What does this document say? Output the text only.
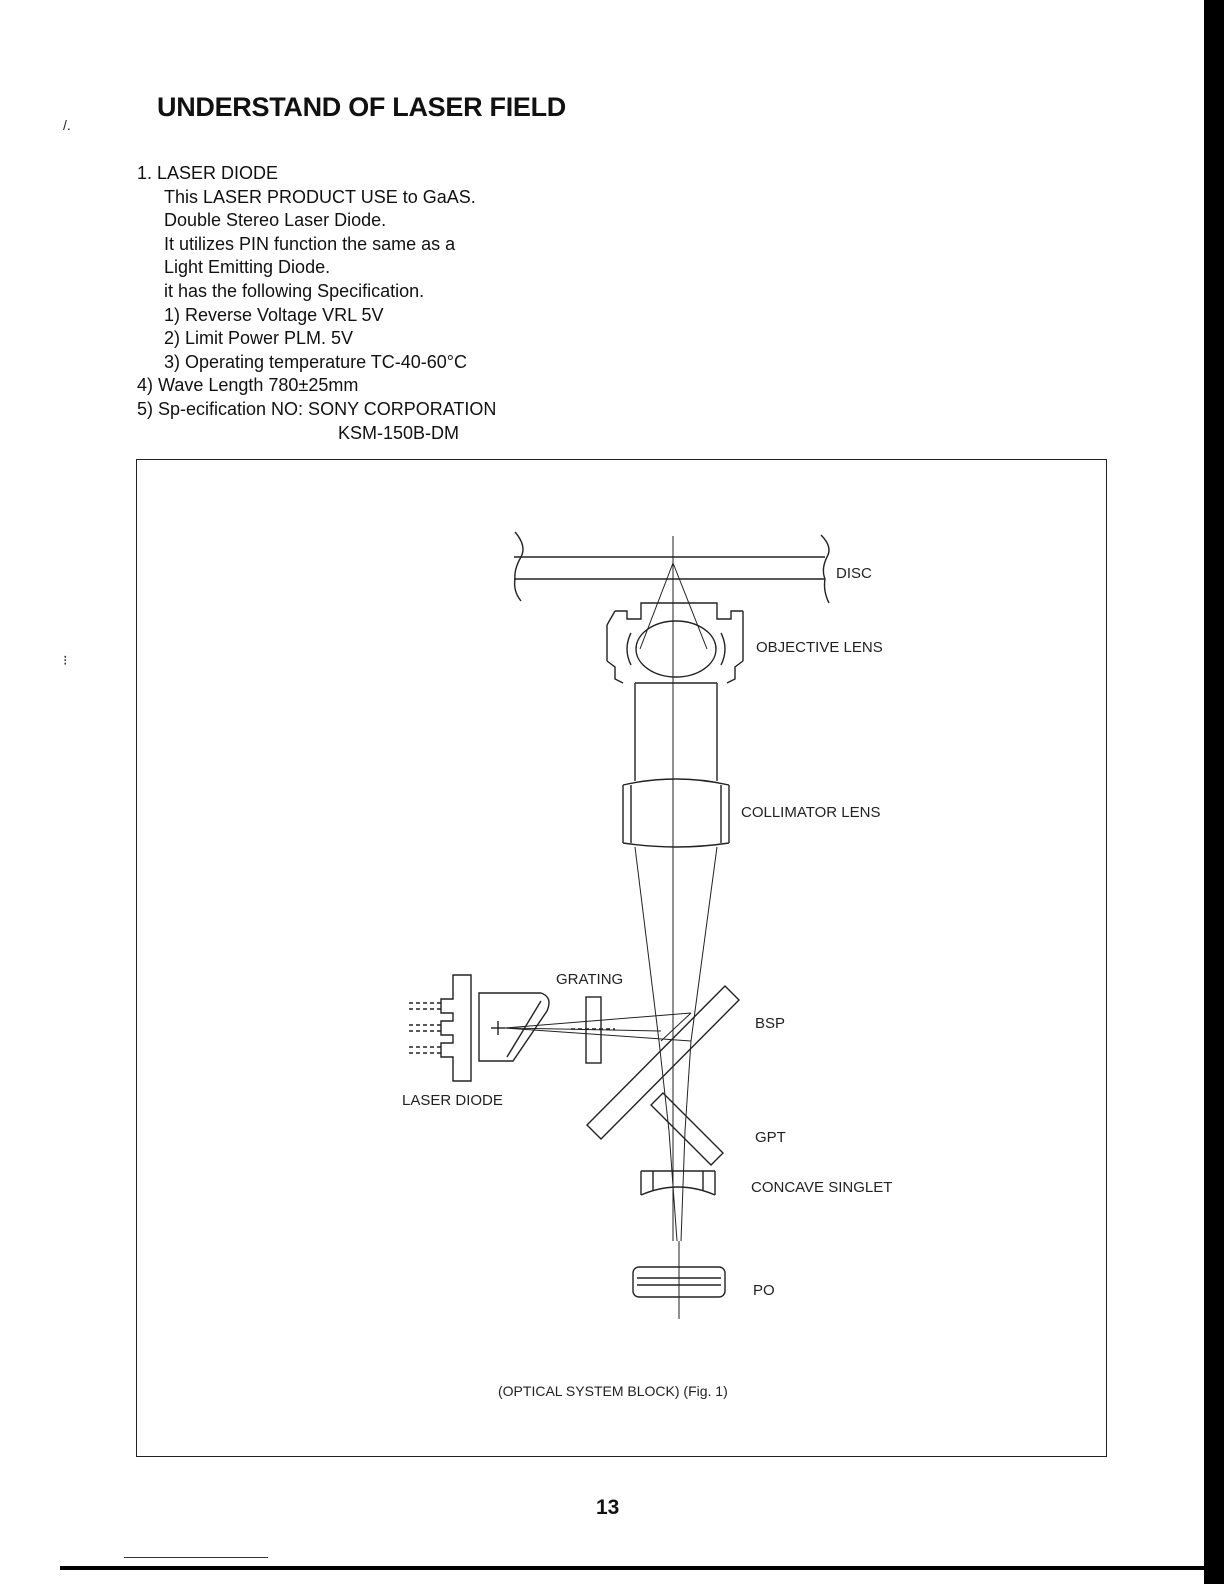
/.
⁝
UNDERSTAND OF LASER FIELD
1. LASER DIODE
This LASER PRODUCT USE to GaAS.
Double Stereo Laser Diode.
It utilizes PIN function the same as a
Light Emitting Diode.
it has the following Specification.
1) Reverse Voltage VRL 5V
2) Limit Power PLM. 5V
3) Operating temperature TC-40-60°C
4) Wave Length 780±25mm
5) Sp-ecification NO: SONY CORPORATION
KSM-150B-DM
DISC
OBJECTIVE LENS
COLLIMATOR LENS
GRATING
BSP
LASER DIODE
GPT
CONCAVE SINGLET
PO
(OPTICAL SYSTEM BLOCK) (Fig. 1)
13
